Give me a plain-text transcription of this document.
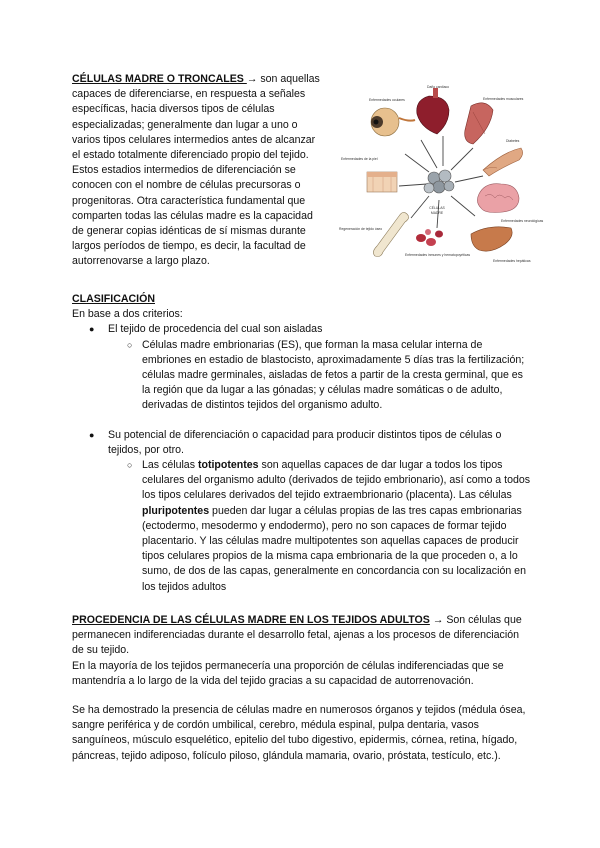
CÉLULAS MADRE O TRONCALES → son aquellas capaces de diferenciarse, en respuesta a señales específicas, hacia diversos tipos de células especializadas; generalmente dan lugar a uno o varios tipos celulares intermedios antes de alcanzar el estado totalmente diferenciado propio del tejido. Estos estadios intermedios de diferenciación se conocen con el nombre de células precursoras o progenitoras. Otra característica fundamental que comparten todas las células madre es la capacidad de generar copias idénticas de sí mismas durante largos períodos de tiempo, es decir, la facultad de autorrenovarse a largo plazo.

CÉLULAS
MADRE
Enfermedades oculares
Daño cardíaco
Enfermedades musculares
Diabetes
Enfermedades de la piel
Regeneración de tejido óseo
Enfermedades inmunes y hematopoyéticas
Enfermedades neurológicas
Enfermedades hepáticas

CLASIFICACIÓN

En base a dos criterios:

● El tejido de procedencia del cual son aisladas

○ Células madre embrionarias (ES), que forman la masa celular interna de embriones en estadio de blastocisto, aproximadamente 5 días tras la fertilización; células madre germinales, aisladas de fetos a partir de la cresta germinal, que es la región que da lugar a las gónadas; y células madre somáticas o de adulto, derivadas de distintos tejidos del organismo adulto.

● Su potencial de diferenciación o capacidad para producir distintos tipos de células o tejidos, por otro.

○ Las células totipotentes son aquellas capaces de dar lugar a todos los tipos celulares del organismo adulto (derivados de tejido embrionario), así como a todos los tipos celulares derivados del tejido extraembrionario (placenta). Las células pluripotentes pueden dar lugar a células propias de las tres capas embrionarias (ectodermo, mesodermo y endodermo), pero no son capaces de formar tejido placentario. Y las células madre multipotentes son aquellas capaces de producir tipos celulares propios de la misma capa embrionaria de la que proceden o, a lo sumo, de dos de las capas, generalmente en concordancia con su localización en los tejidos adultos

PROCEDENCIA DE LAS CÉLULAS MADRE EN LOS TEJIDOS ADULTOS → Son células que permanecen indiferenciadas durante el desarrollo fetal, ajenas a los procesos de diferenciación de su tejido.

En la mayoría de los tejidos permanecería una proporción de células indiferenciadas que se mantendría a lo largo de la vida del tejido gracias a su capacidad de autorrenovación.

Se ha demostrado la presencia de células madre en numerosos órganos y tejidos (médula ósea, sangre periférica y de cordón umbilical, cerebro, médula espinal, pulpa dentaria, vasos sanguíneos, músculo esquelético, epitelio del tubo digestivo, epidermis, córnea, retina, hígado, páncreas, tejido adiposo, folículo piloso, glándula mamaria, ovario, próstata, testículo, etc.).
